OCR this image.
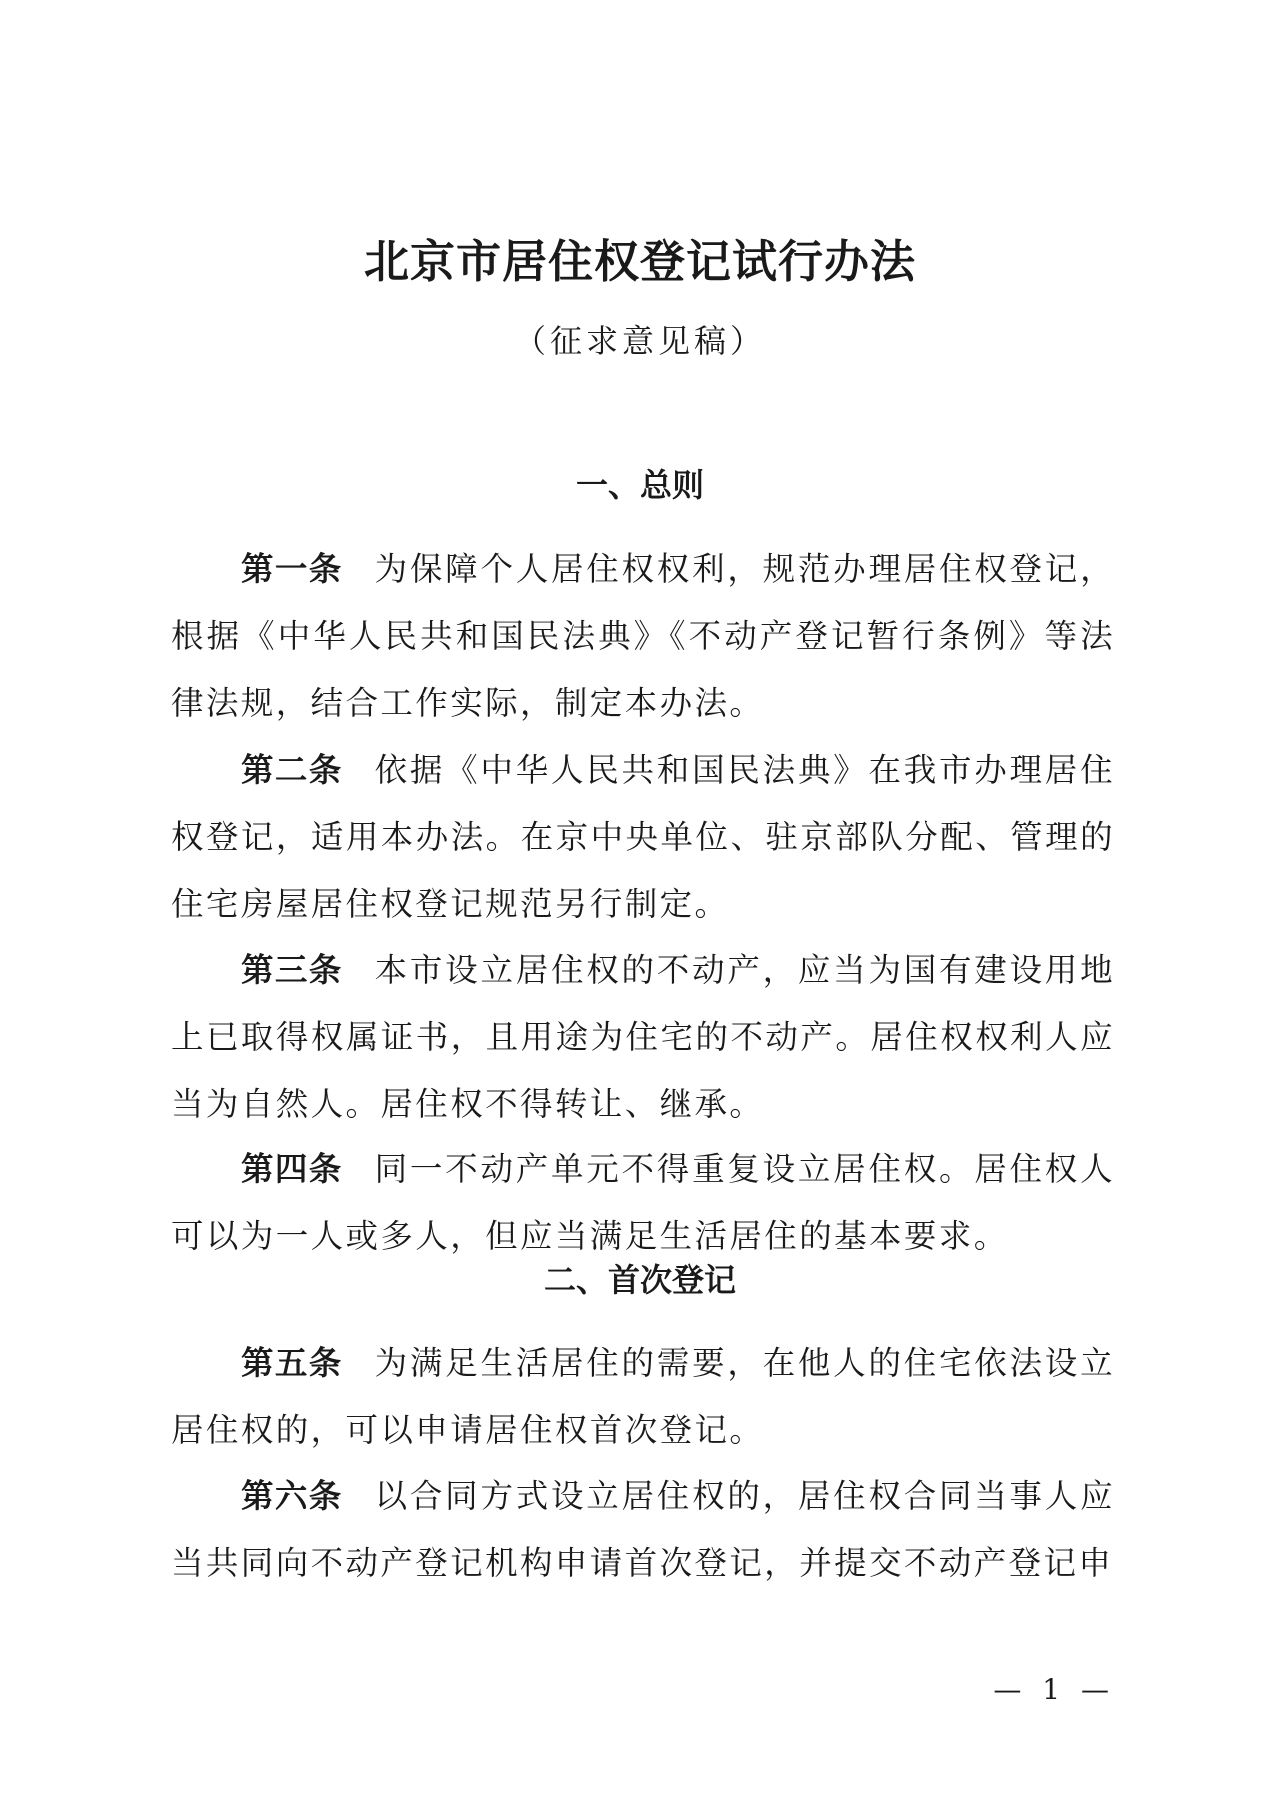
北京市居住权登记试行办法
（征求意见稿）
一、总则

第一条 为保障个人居住权权利，规范办理居住权登记，根据《中华人民共和国民法典》《不动产登记暂行条例》等法律法规，结合工作实际，制定本办法。

第二条 依据《中华人民共和国民法典》在我市办理居住权登记，适用本办法。在京中央单位、驻京部队分配、管理的住宅房屋居住权登记规范另行制定。

第三条 本市设立居住权的不动产，应当为国有建设用地上已取得权属证书，且用途为住宅的不动产。居住权权利人应当为自然人。居住权不得转让、继承。

第四条 同一不动产单元不得重复设立居住权。居住权人可以为一人或多人，但应当满足生活居住的基本要求。

二、首次登记

第五条 为满足生活居住的需要，在他人的住宅依法设立居住权的，可以申请居住权首次登记。

第六条 以合同方式设立居住权的，居住权合同当事人应当共同向不动产登记机构申请首次登记，并提交不动产登记申

— 1 —
